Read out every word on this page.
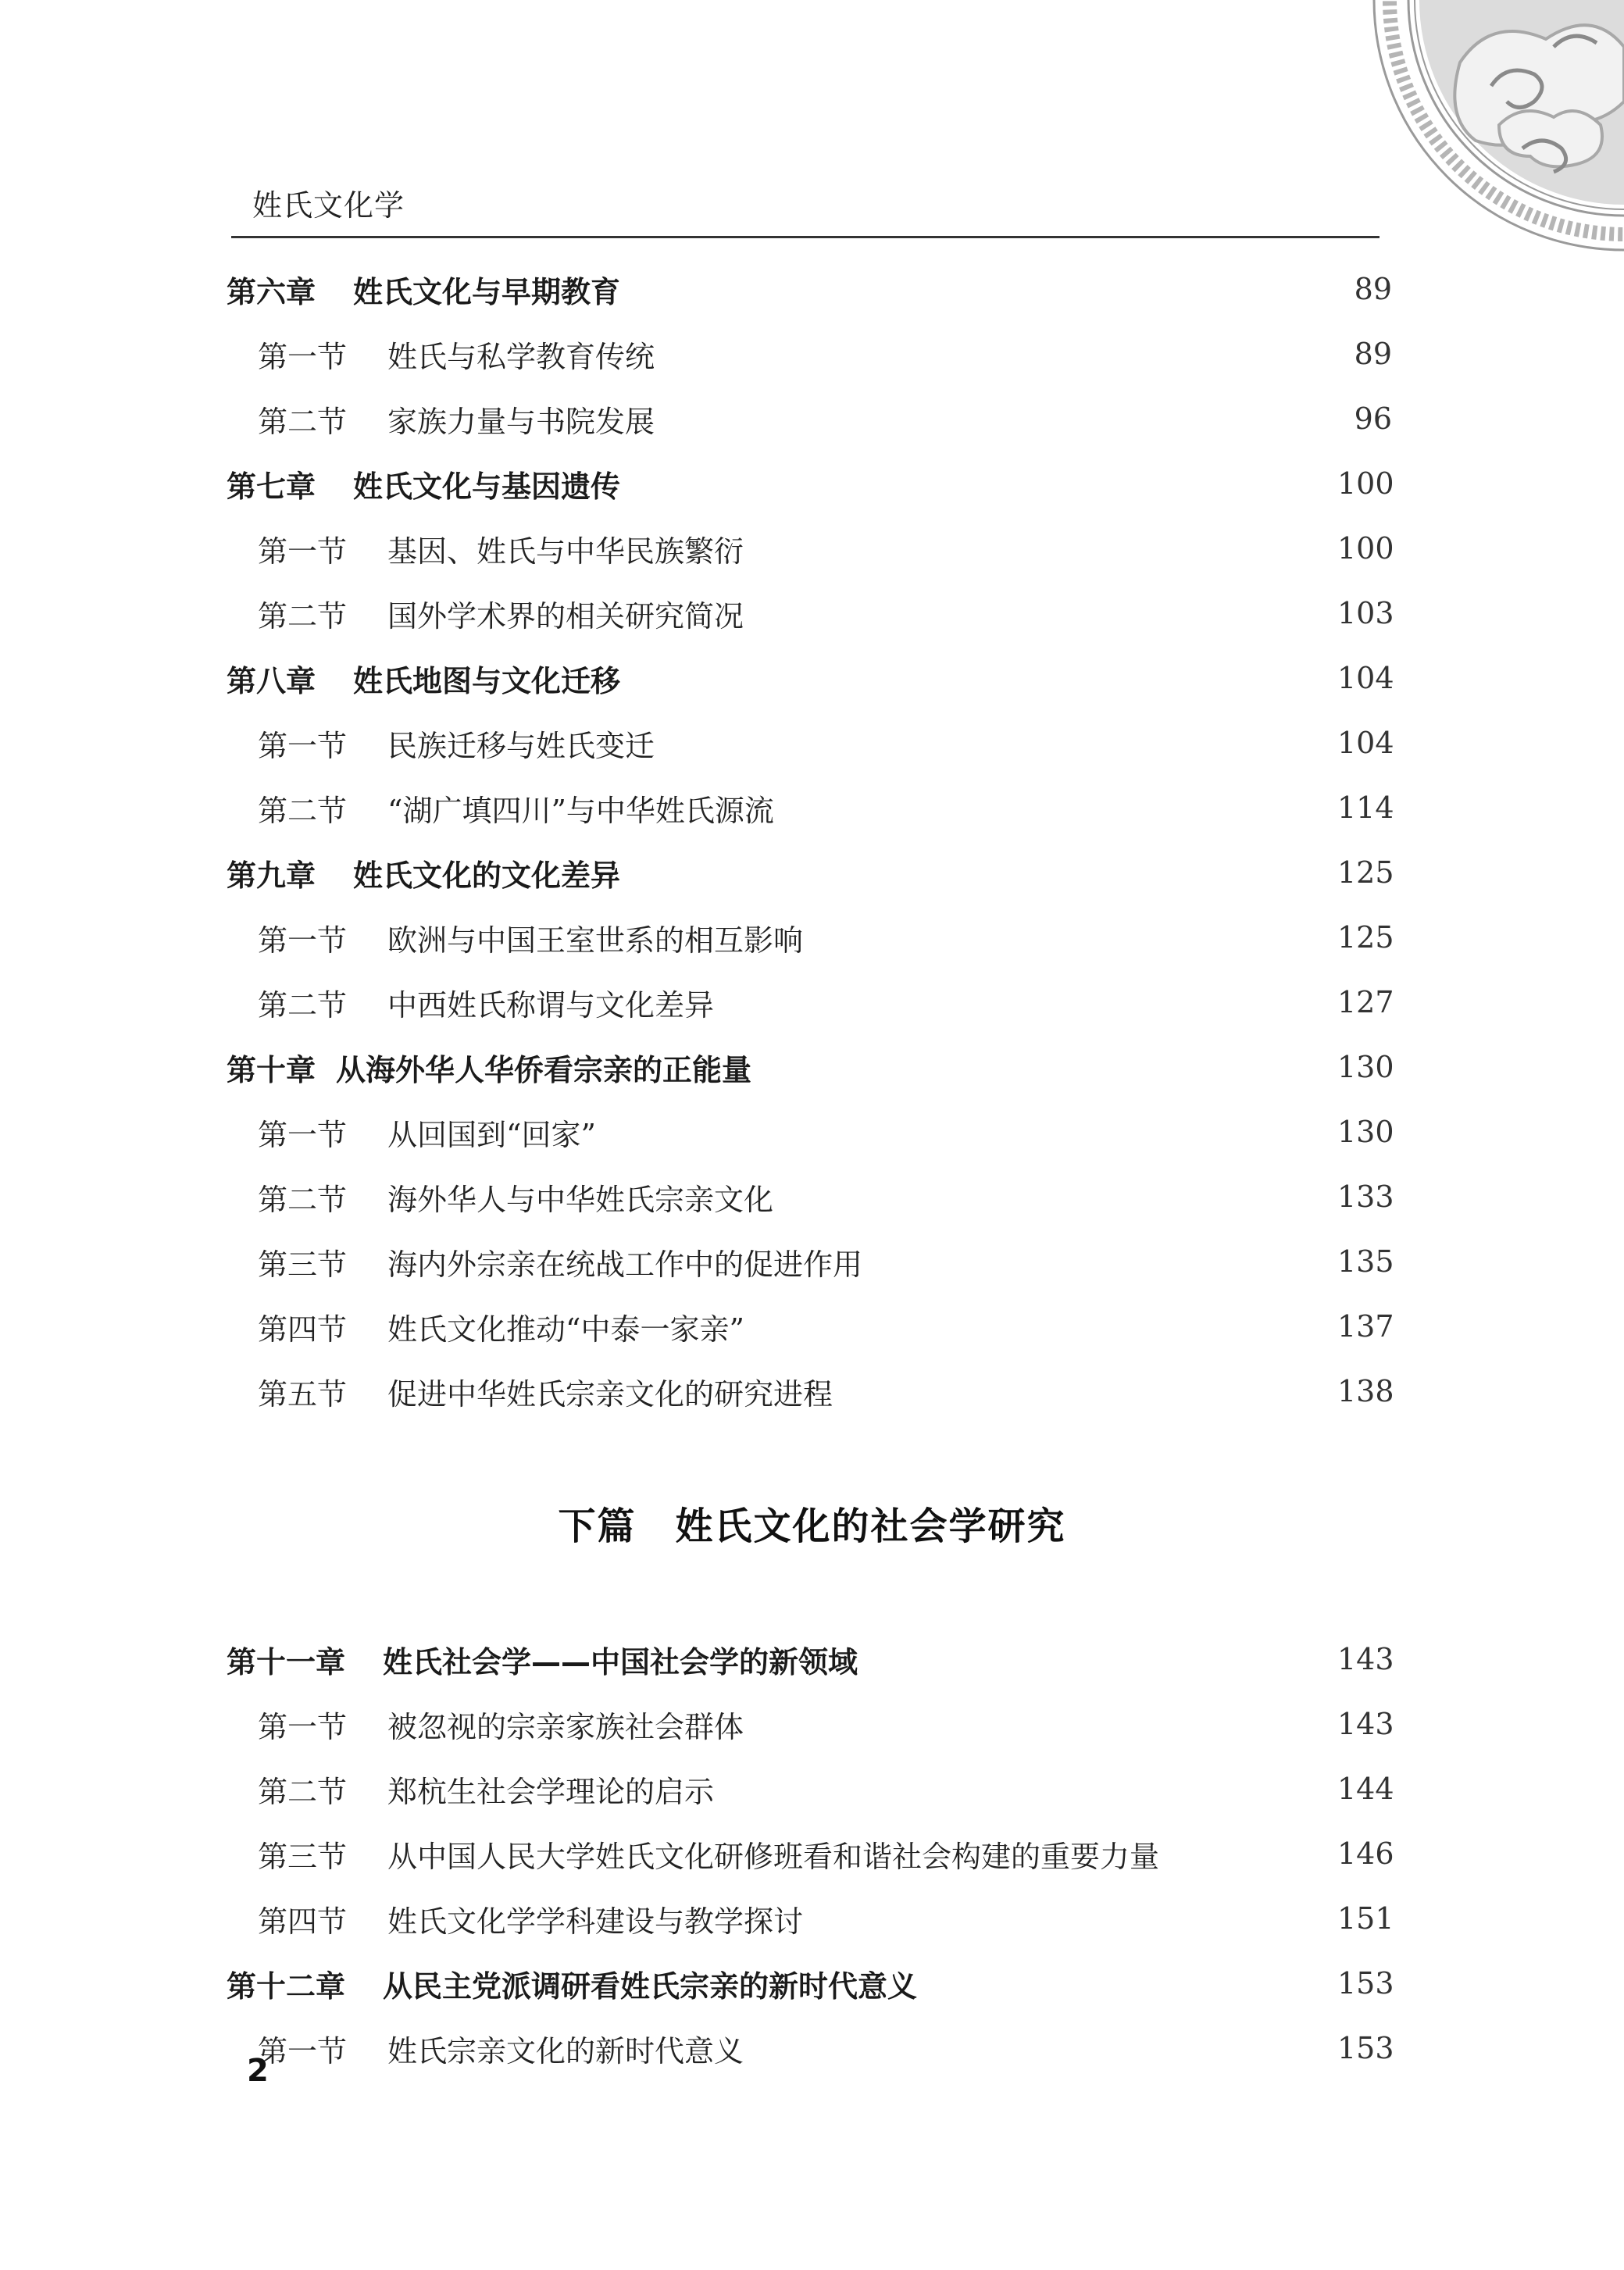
姓氏文化学
第六章 姓氏文化与早期教育	89
第一节 姓氏与私学教育传统	89
第二节 家族力量与书院发展	96
第七章 姓氏文化与基因遗传	100
第一节 基因、姓氏与中华民族繁衍	100
第二节 国外学术界的相关研究简况	103
第八章 姓氏地图与文化迁移	104
第一节 民族迁移与姓氏变迁	104
第二节 “湖广填四川”与中华姓氏源流	114
第九章 姓氏文化的文化差异	125
第一节 欧洲与中国王室世系的相互影响	125
第二节 中西姓氏称谓与文化差异	127
第十章 从海外华人华侨看宗亲的正能量	130
第一节 从回国到“回家”	130
第二节 海外华人与中华姓氏宗亲文化	133
第三节 海内外宗亲在统战工作中的促进作用	135
第四节 姓氏文化推动“中泰一家亲”	137
第五节 促进中华姓氏宗亲文化的研究进程	138
下篇 姓氏文化的社会学研究
第十一章 姓氏社会学——中国社会学的新领域	143
第一节 被忽视的宗亲家族社会群体	143
第二节 郑杭生社会学理论的启示	144
第三节 从中国人民大学姓氏文化研修班看和谐社会构建的重要力量	146
第四节 姓氏文化学学科建设与教学探讨	151
第十二章 从民主党派调研看姓氏宗亲的新时代意义	153
第一节 姓氏宗亲文化的新时代意义	153
2
